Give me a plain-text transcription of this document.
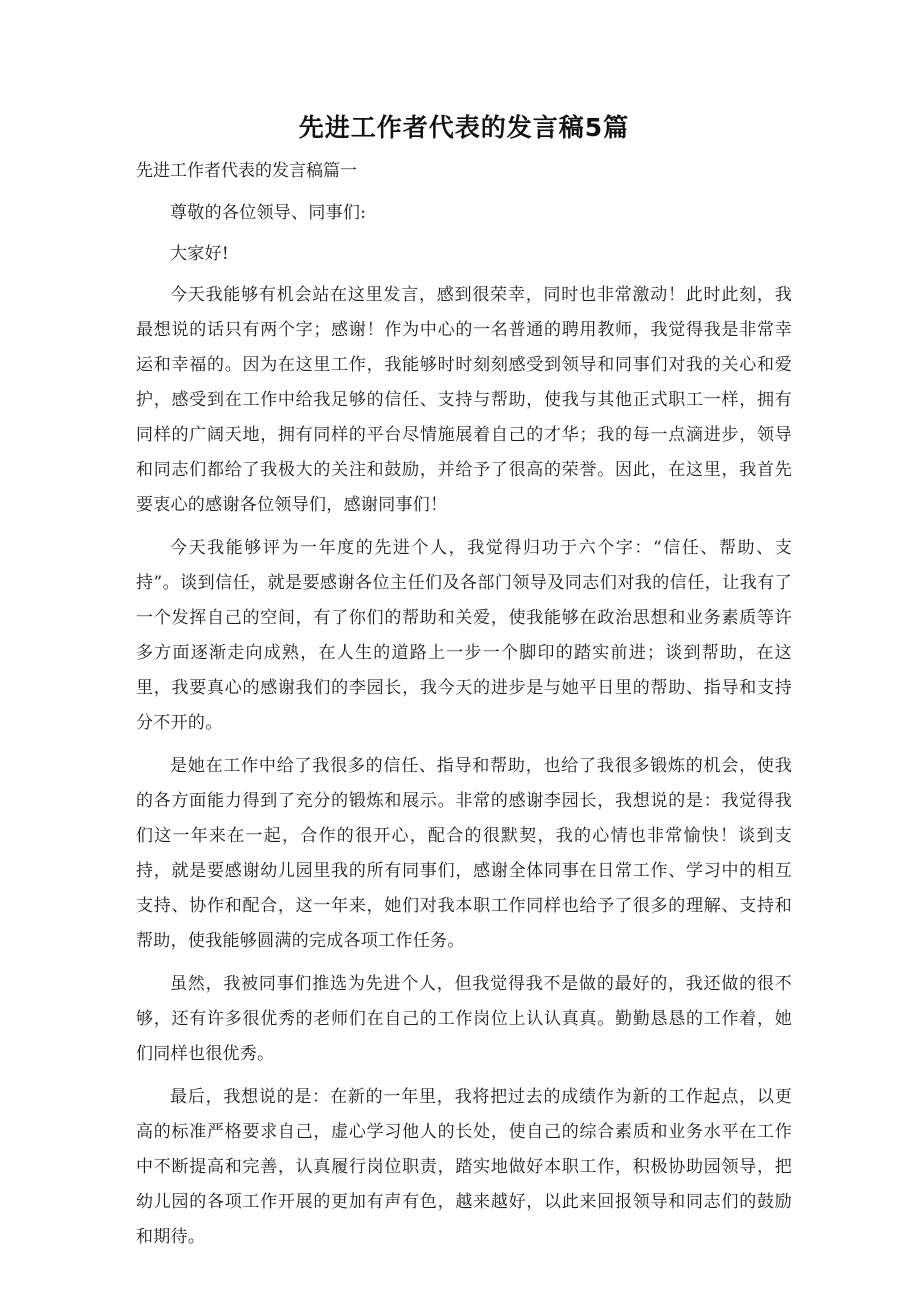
先进工作者代表的发言稿5篇
先进工作者代表的发言稿篇一

尊敬的各位领导、同事们:

大家好!

今天我能够有机会站在这里发言，感到很荣幸，同时也非常激动！此时此刻，我最想说的话只有两个字；感谢！作为中心的一名普通的聘用教师，我觉得我是非常幸运和幸福的。因为在这里工作，我能够时时刻刻感受到领导和同事们对我的关心和爱护，感受到在工作中给我足够的信任、支持与帮助，使我与其他正式职工一样，拥有同样的广阔天地，拥有同样的平台尽情施展着自己的才华；我的每一点滴进步，领导和同志们都给了我极大的关注和鼓励，并给予了很高的荣誉。因此，在这里，我首先要衷心的感谢各位领导们，感谢同事们！

今天我能够评为一年度的先进个人，我觉得归功于六个字：“信任、帮助、支持”。谈到信任，就是要感谢各位主任们及各部门领导及同志们对我的信任，让我有了一个发挥自己的空间，有了你们的帮助和关爱，使我能够在政治思想和业务素质等许多方面逐渐走向成熟，在人生的道路上一步一个脚印的踏实前进；谈到帮助，在这里，我要真心的感谢我们的李园长，我今天的进步是与她平日里的帮助、指导和支持分不开的。

是她在工作中给了我很多的信任、指导和帮助，也给了我很多锻炼的机会，使我的各方面能力得到了充分的锻炼和展示。非常的感谢李园长，我想说的是：我觉得我们这一年来在一起，合作的很开心，配合的很默契，我的心情也非常愉快！谈到支持，就是要感谢幼儿园里我的所有同事们，感谢全体同事在日常工作、学习中的相互支持、协作和配合，这一年来，她们对我本职工作同样也给予了很多的理解、支持和帮助，使我能够圆满的完成各项工作任务。

虽然，我被同事们推选为先进个人，但我觉得我不是做的最好的，我还做的很不够，还有许多很优秀的老师们在自己的工作岗位上认认真真。勤勤恳恳的工作着，她们同样也很优秀。

最后，我想说的是：在新的一年里，我将把过去的成绩作为新的工作起点，以更高的标准严格要求自己，虚心学习他人的长处，使自己的综合素质和业务水平在工作中不断提高和完善，认真履行岗位职责，踏实地做好本职工作，积极协助园领导，把幼儿园的各项工作开展的更加有声有色，越来越好，以此来回报领导和同志们的鼓励和期待。
